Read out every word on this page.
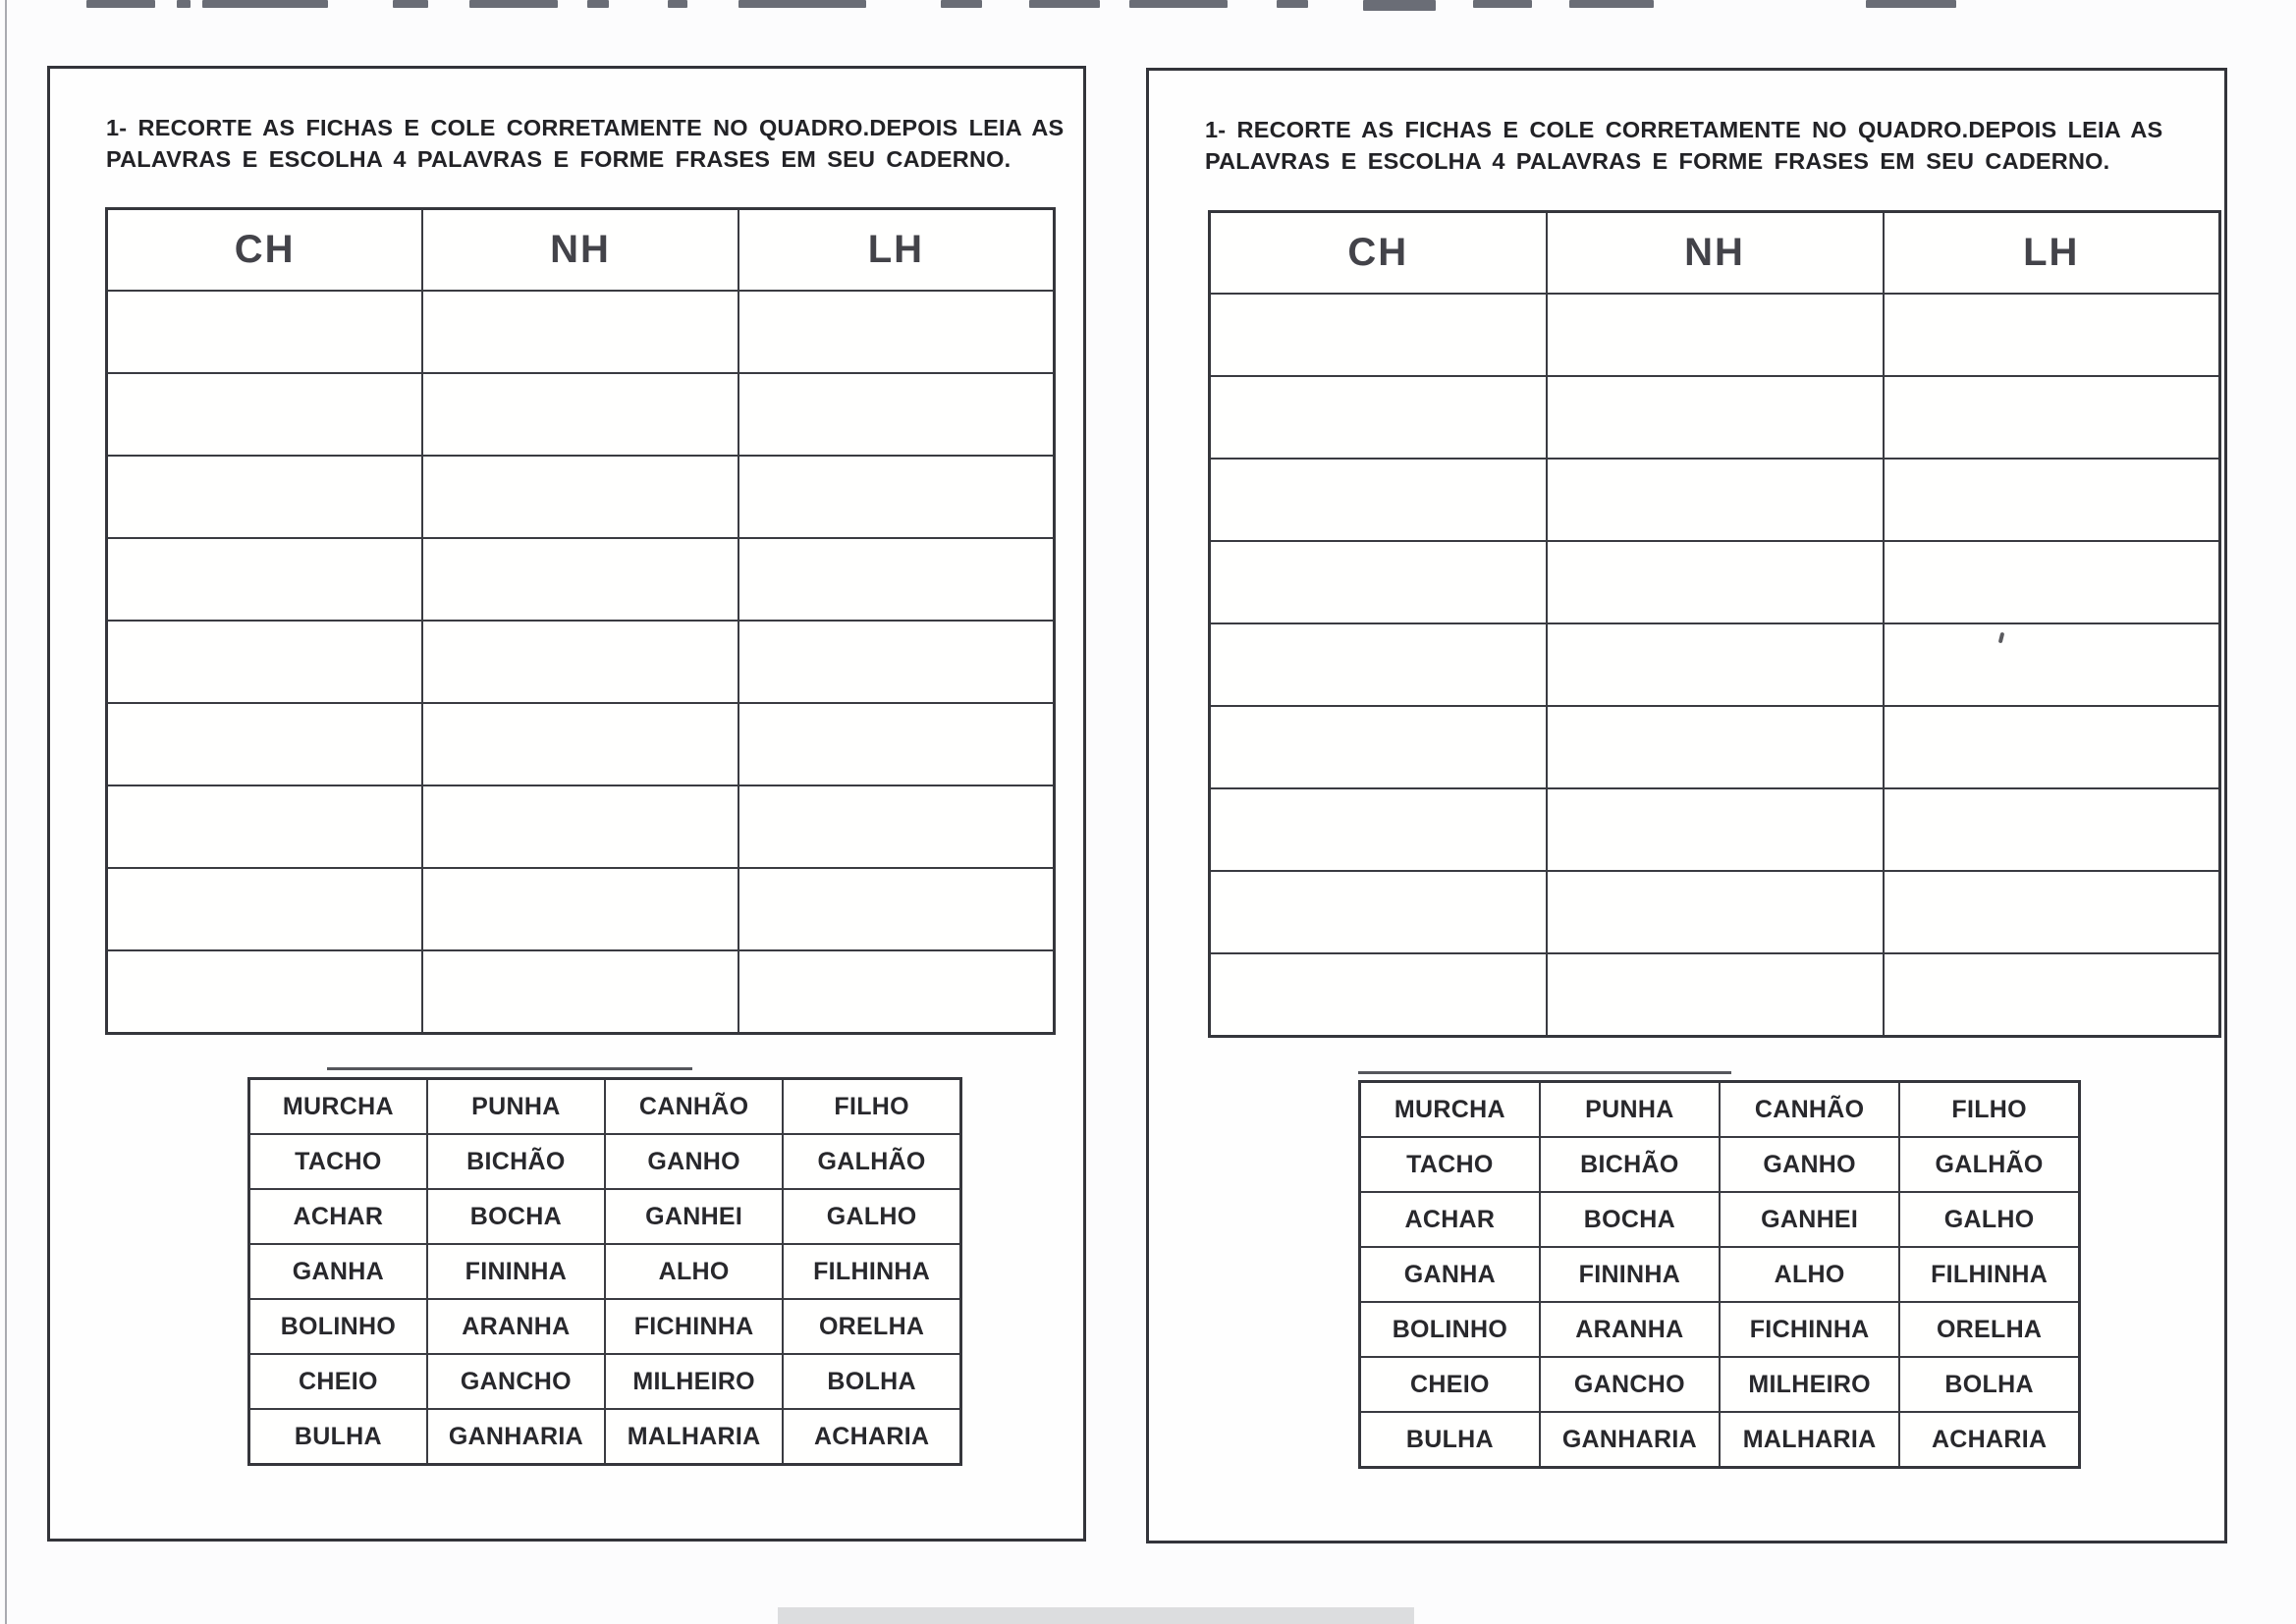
1- RECORTE AS FICHAS E COLE CORRETAMENTE NO QUADRO.DEPOIS LEIA AS
PALAVRAS E ESCOLHA 4 PALAVRAS E FORME FRASES EM SEU CADERNO.

CH	NH	LH

MURCHA	PUNHA	CANHÃO	FILHO
TACHO	BICHÃO	GANHO	GALHÃO
ACHAR	BOCHA	GANHEI	GALHO
GANHA	FININHA	ALHO	FILHINHA
BOLINHO	ARANHA	FICHINHA	ORELHA
CHEIO	GANCHO	MILHEIRO	BOLHA
BULHA	GANHARIA	MALHARIA	ACHARIA

1- RECORTE AS FICHAS E COLE CORRETAMENTE NO QUADRO.DEPOIS LEIA AS
PALAVRAS E ESCOLHA 4 PALAVRAS E FORME FRASES EM SEU CADERNO.

CH	NH	LH

MURCHA	PUNHA	CANHÃO	FILHO
TACHO	BICHÃO	GANHO	GALHÃO
ACHAR	BOCHA	GANHEI	GALHO
GANHA	FININHA	ALHO	FILHINHA
BOLINHO	ARANHA	FICHINHA	ORELHA
CHEIO	GANCHO	MILHEIRO	BOLHA
BULHA	GANHARIA	MALHARIA	ACHARIA
